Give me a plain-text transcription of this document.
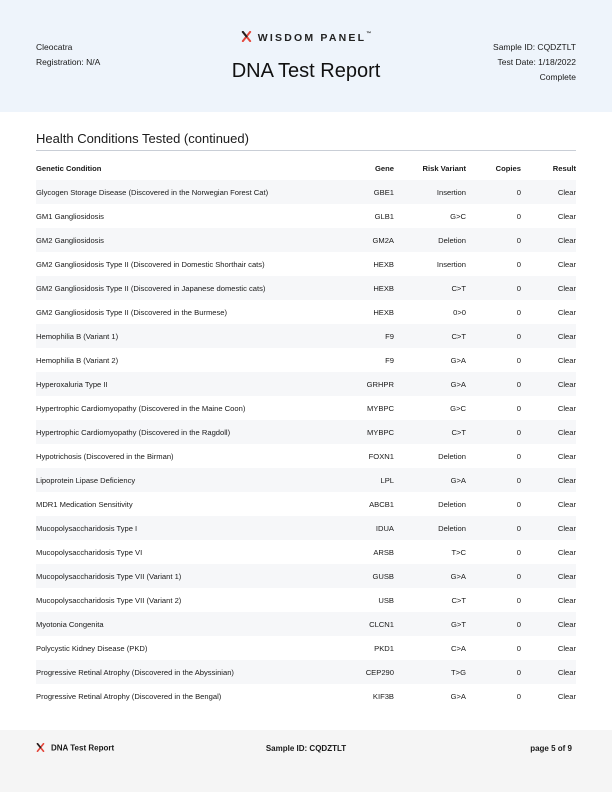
Cleocatra
Registration: N/A
WISDOM PANEL™
DNA Test Report
Sample ID: CQDZTLT
Test Date: 1/18/2022
Complete
Health Conditions Tested (continued)
Genetic Condition	Gene	Risk Variant	Copies	Result
Glycogen Storage Disease (Discovered in the Norwegian Forest Cat)	GBE1	Insertion	0	Clear
GM1 Gangliosidosis	GLB1	G>C	0	Clear
GM2 Gangliosidosis	GM2A	Deletion	0	Clear
GM2 Gangliosidosis Type II (Discovered in Domestic Shorthair cats)	HEXB	Insertion	0	Clear
GM2 Gangliosidosis Type II (Discovered in Japanese domestic cats)	HEXB	C>T	0	Clear
GM2 Gangliosidosis Type II (Discovered in the Burmese)	HEXB	0>0	0	Clear
Hemophilia B (Variant 1)	F9	C>T	0	Clear
Hemophilia B (Variant 2)	F9	G>A	0	Clear
Hyperoxaluria Type II	GRHPR	G>A	0	Clear
Hypertrophic Cardiomyopathy (Discovered in the Maine Coon)	MYBPC	G>C	0	Clear
Hypertrophic Cardiomyopathy (Discovered in the Ragdoll)	MYBPC	C>T	0	Clear
Hypotrichosis (Discovered in the Birman)	FOXN1	Deletion	0	Clear
Lipoprotein Lipase Deficiency	LPL	G>A	0	Clear
MDR1 Medication Sensitivity	ABCB1	Deletion	0	Clear
Mucopolysaccharidosis Type I	IDUA	Deletion	0	Clear
Mucopolysaccharidosis Type VI	ARSB	T>C	0	Clear
Mucopolysaccharidosis Type VII (Variant 1)	GUSB	G>A	0	Clear
Mucopolysaccharidosis Type VII (Variant 2)	USB	C>T	0	Clear
Myotonia Congenita	CLCN1	G>T	0	Clear
Polycystic Kidney Disease (PKD)	PKD1	C>A	0	Clear
Progressive Retinal Atrophy (Discovered in the Abyssinian)	CEP290	T>G	0	Clear
Progressive Retinal Atrophy (Discovered in the Bengal)	KIF3B	G>A	0	Clear
DNA Test Report	Sample ID: CQDZTLT	page 5 of 9
